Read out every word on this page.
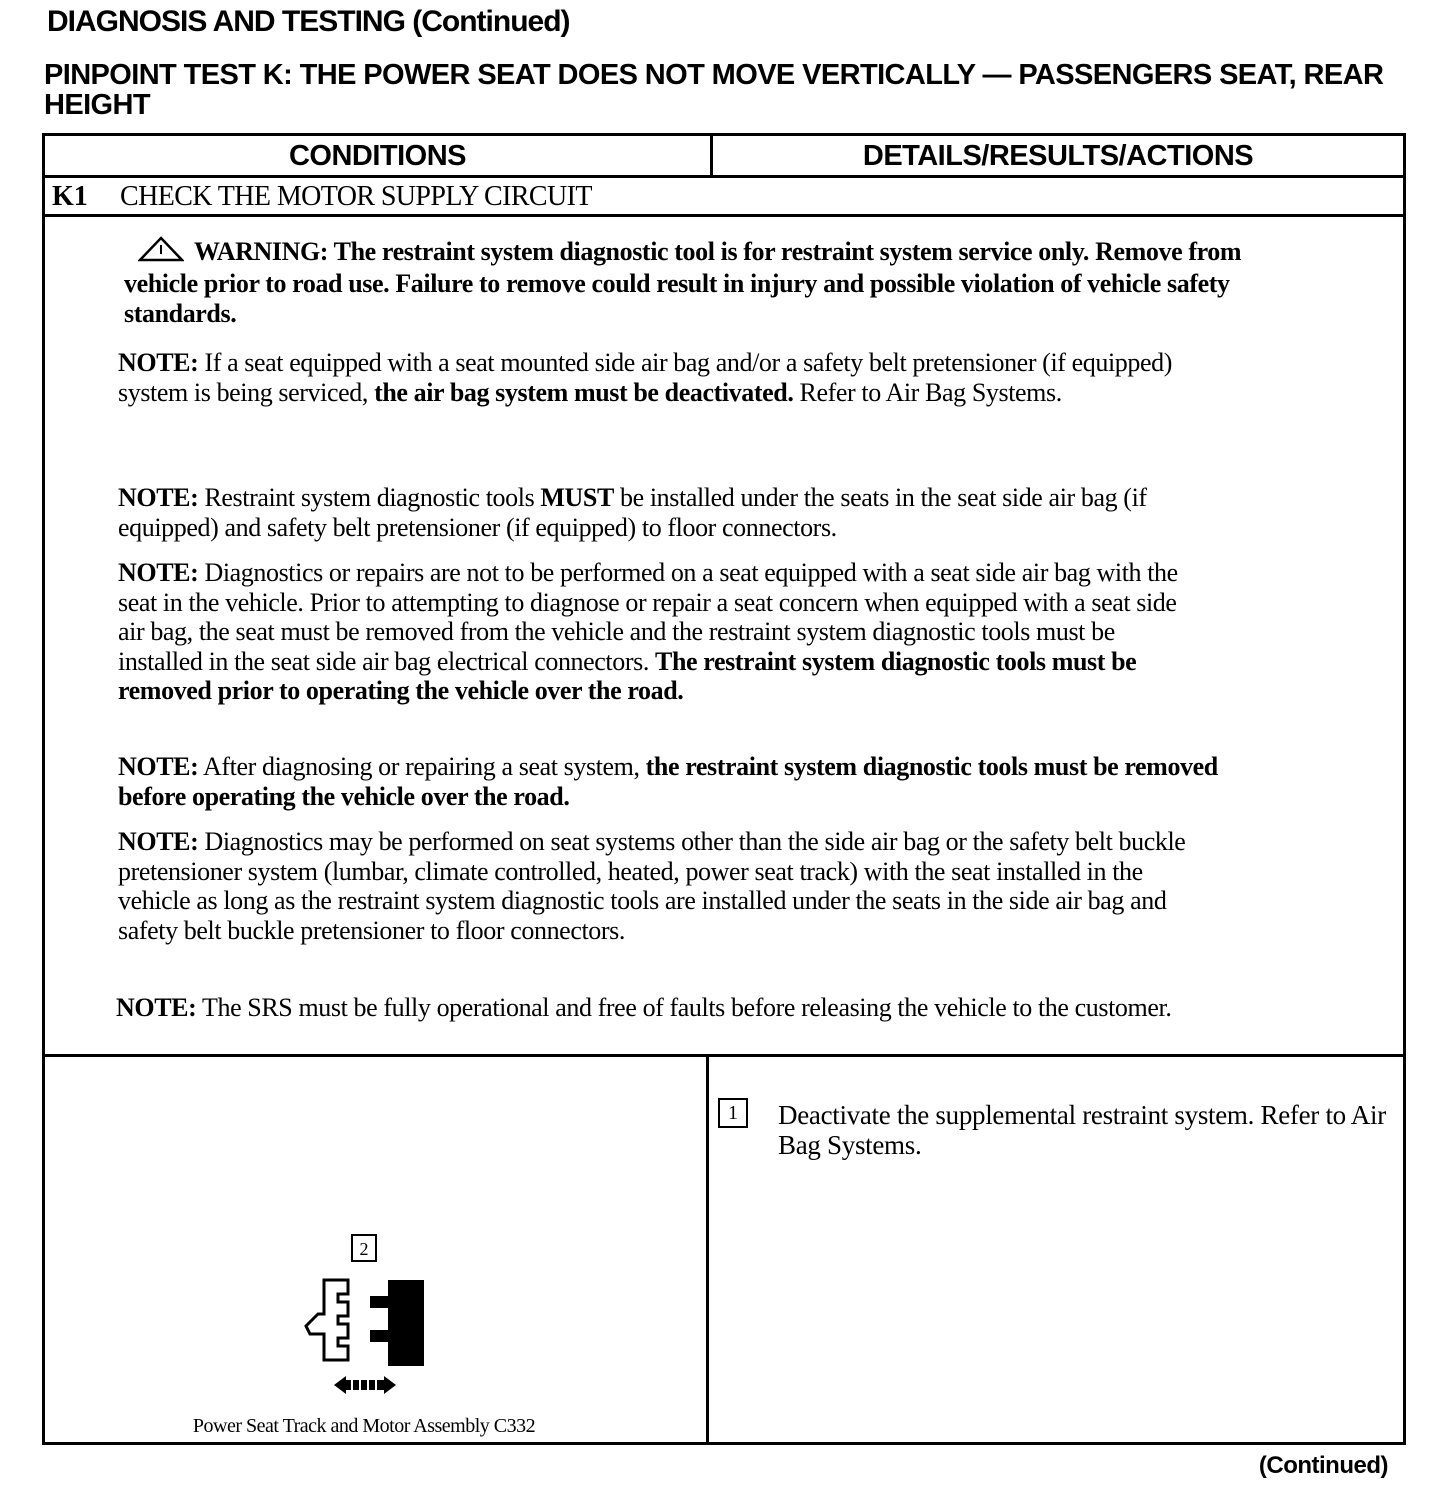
DIAGNOSIS AND TESTING (Continued)
PINPOINT TEST K: THE POWER SEAT DOES NOT MOVE VERTICALLY — PASSENGERS SEAT, REAR HEIGHT
CONDITIONS	DETAILS/RESULTS/ACTIONS
K1 CHECK THE MOTOR SUPPLY CIRCUIT
WARNING: The restraint system diagnostic tool is for restraint system service only. Remove from vehicle prior to road use. Failure to remove could result in injury and possible violation of vehicle safety standards.
NOTE: If a seat equipped with a seat mounted side air bag and/or a safety belt pretensioner (if equipped) system is being serviced, the air bag system must be deactivated. Refer to Air Bag Systems.
NOTE: Restraint system diagnostic tools MUST be installed under the seats in the seat side air bag (if equipped) and safety belt pretensioner (if equipped) to floor connectors.
NOTE: Diagnostics or repairs are not to be performed on a seat equipped with a seat side air bag with the seat in the vehicle. Prior to attempting to diagnose or repair a seat concern when equipped with a seat side air bag, the seat must be removed from the vehicle and the restraint system diagnostic tools must be installed in the seat side air bag electrical connectors. The restraint system diagnostic tools must be removed prior to operating the vehicle over the road.
NOTE: After diagnosing or repairing a seat system, the restraint system diagnostic tools must be removed before operating the vehicle over the road.
NOTE: Diagnostics may be performed on seat systems other than the side air bag or the safety belt buckle pretensioner system (lumbar, climate controlled, heated, power seat track) with the seat installed in the vehicle as long as the restraint system diagnostic tools are installed under the seats in the side air bag and safety belt buckle pretensioner to floor connectors.
NOTE: The SRS must be fully operational and free of faults before releasing the vehicle to the customer.
2
Power Seat Track and Motor Assembly C332
1	Deactivate the supplemental restraint system. Refer to Air Bag Systems.
(Continued)
